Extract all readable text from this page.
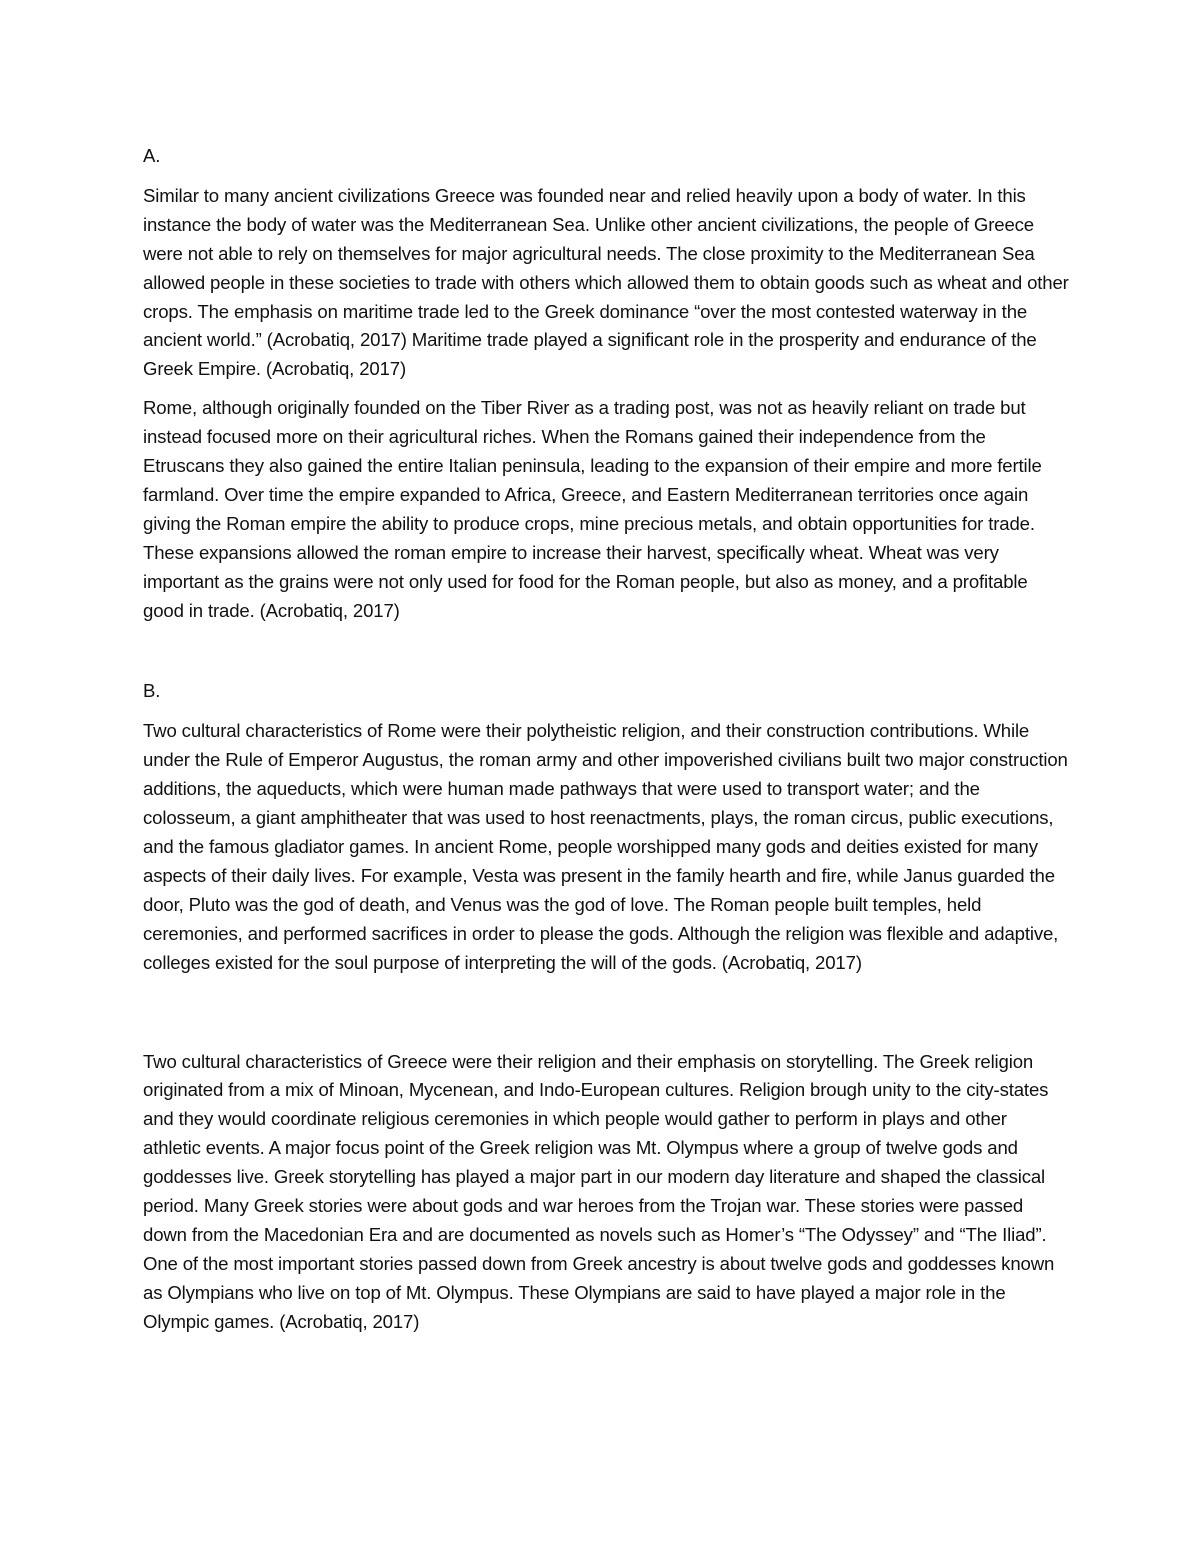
A.

Similar to many ancient civilizations Greece was founded near and relied heavily upon a body of water. In this instance the body of water was the Mediterranean Sea. Unlike other ancient civilizations, the people of Greece were not able to rely on themselves for major agricultural needs. The close proximity to the Mediterranean Sea allowed people in these societies to trade with others which allowed them to obtain goods such as wheat and other crops. The emphasis on maritime trade led to the Greek dominance “over the most contested waterway in the ancient world.” (Acrobatiq, 2017) Maritime trade played a significant role in the prosperity and endurance of the Greek Empire. (Acrobatiq, 2017)

Rome, although originally founded on the Tiber River as a trading post, was not as heavily reliant on trade but instead focused more on their agricultural riches. When the Romans gained their independence from the Etruscans they also gained the entire Italian peninsula, leading to the expansion of their empire and more fertile farmland. Over time the empire expanded to Africa, Greece, and Eastern Mediterranean territories once again giving the Roman empire the ability to produce crops, mine precious metals, and obtain opportunities for trade. These expansions allowed the roman empire to increase their harvest, specifically wheat. Wheat was very important as the grains were not only used for food for the Roman people, but also as money, and a profitable good in trade. (Acrobatiq, 2017)

B.

Two cultural characteristics of Rome were their polytheistic religion, and their construction contributions. While under the Rule of Emperor Augustus, the roman army and other impoverished civilians built two major construction additions, the aqueducts, which were human made pathways that were used to transport water; and the colosseum, a giant amphitheater that was used to host reenactments, plays, the roman circus, public executions, and the famous gladiator games. In ancient Rome, people worshipped many gods and deities existed for many aspects of their daily lives. For example, Vesta was present in the family hearth and fire, while Janus guarded the door, Pluto was the god of death, and Venus was the god of love. The Roman people built temples, held ceremonies, and performed sacrifices in order to please the gods. Although the religion was flexible and adaptive, colleges existed for the soul purpose of interpreting the will of the gods. (Acrobatiq, 2017)

Two cultural characteristics of Greece were their religion and their emphasis on storytelling. The Greek religion originated from a mix of Minoan, Mycenean, and Indo-European cultures. Religion brough unity to the city-states and they would coordinate religious ceremonies in which people would gather to perform in plays and other athletic events. A major focus point of the Greek religion was Mt. Olympus where a group of twelve gods and goddesses live. Greek storytelling has played a major part in our modern day literature and shaped the classical period. Many Greek stories were about gods and war heroes from the Trojan war. These stories were passed down from the Macedonian Era and are documented as novels such as Homer’s “The Odyssey” and “The Iliad”. One of the most important stories passed down from Greek ancestry is about twelve gods and goddesses known as Olympians who live on top of Mt. Olympus. These Olympians are said to have played a major role in the Olympic games. (Acrobatiq, 2017)
